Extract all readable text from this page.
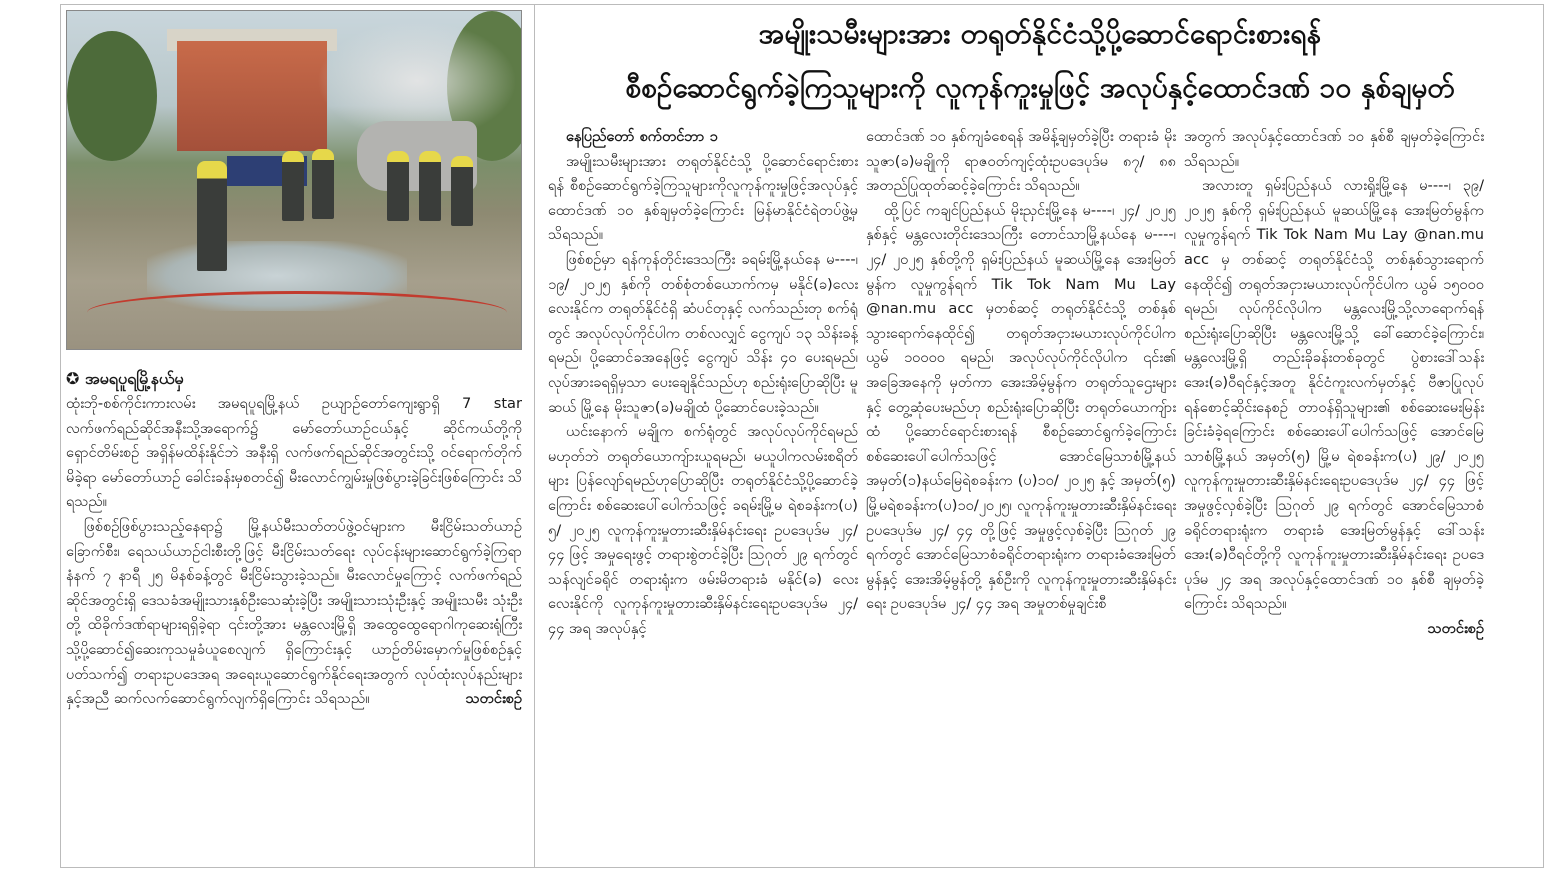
✪ အမရပူရမြို့နယ်မှ

ထုံးဘို-စစ်ကိုင်းကားလမ်း အမရပူရမြို့နယ် ဥယျာဉ်တော်ကျေးရွာရှိ 7 star လက်ဖက်ရည်ဆိုင်အနီးသို့အရောက်၌ မော်တော်ယာဉ်ငယ်နှင့် ဆိုင်ကယ်တို့ကို ရှောင်တိမ်းစဉ် အရှိန်မထိန်းနိုင်ဘဲ အနီးရှိ လက်ဖက်ရည်ဆိုင်အတွင်းသို့ ဝင်ရောက်တိုက်မိခဲ့ရာ မော်တော်ယာဉ် ခေါင်းခန်းမှစတင်၍ မီးလောင်ကျွမ်းမှုဖြစ်ပွားခဲ့ခြင်းဖြစ်ကြောင်း သိရသည်။

ဖြစ်စဉ်ဖြစ်ပွားသည့်နေရာ၌ မြို့နယ်မီးသတ်တပ်ဖွဲ့ဝင်များက မီးငြိမ်းသတ်ယာဉ် ခြောက်စီး၊ ရေသယ်ယာဉ်ငါးစီးတို့ဖြင့် မီးငြိမ်းသတ်ရေး လုပ်ငန်းများဆောင်ရွက်ခဲ့ကြရာ နံနက် ၇ နာရီ ၂၅ မိနစ်ခန့်တွင် မီးငြိမ်းသွားခဲ့သည်။ မီးလောင်မှုကြောင့် လက်ဖက်ရည်ဆိုင်အတွင်းရှိ ဒေသခံအမျိုးသားနှစ်ဦးသေဆုံးခဲ့ပြီး အမျိုးသားသုံးဦးနှင့် အမျိုးသမီး သုံးဦးတို့ ထိခိုက်ဒဏ်ရာများရရှိခဲ့ရာ ၎င်းတို့အား မန္တလေးမြို့ရှိ အထွေထွေရောဂါကုဆေးရုံကြီးသို့ပို့ဆောင်၍ဆေးကုသမှုခံယူစေလျက် ရှိကြောင်းနှင့် ယာဉ်တိမ်းမှောက်မှုဖြစ်စဉ်နှင့်ပတ်သက်၍ တရားဥပဒေအရ အရေးယူဆောင်ရွက်နိုင်ရေးအတွက် လုပ်ထုံးလုပ်နည်းများနှင့်အညီ ဆက်လက်ဆောင်ရွက်လျက်ရှိကြောင်း သိရသည်။	သတင်းစဉ်

အမျိုးသမီးများအား တရုတ်နိုင်ငံသို့ပို့ဆောင်ရောင်းစားရန်
စီစဉ်ဆောင်ရွက်ခဲ့ကြသူများကို လူကုန်ကူးမှုဖြင့် အလုပ်နှင့်ထောင်ဒဏ် ၁၀ နှစ်ချမှတ်

နေပြည်တော် စက်တင်ဘာ ၁

အမျိုးသမီးများအား တရုတ်နိုင်ငံသို့ ပို့ဆောင်ရောင်းစားရန် စီစဉ်ဆောင်ရွက်ခဲ့ကြသူများကိုလူကုန်ကူးမှုဖြင့်အလုပ်နှင့်ထောင်ဒဏ် ၁၀ နှစ်ချမှတ်ခဲ့ကြောင်း မြန်မာနိုင်ငံရဲတပ်ဖွဲ့မှ သိရသည်။

ဖြစ်စဉ်မှာ ရန်ကုန်တိုင်းဒေသကြီး ခရမ်းမြို့နယ်နေ မ----၊ ၁၉/ ၂၀၂၅ နှစ်ကို တစ်စုံတစ်ယောက်ကမှ မနိုင်(ခ)လေးလေးနိုင်က တရုတ်နိုင်ငံရှိ ဆံပင်တုနှင့် လက်သည်းတု စက်ရုံတွင် အလုပ်လုပ်ကိုင်ပါက တစ်လလျှင် ငွေကျပ် ၁၃ သိန်းခန့်ရမည်၊ ပို့ဆောင်ခအနေဖြင့် ငွေကျပ် သိန်း ၄၀ ပေးရမည်၊ လုပ်အားခရရှိမှသာ ပေးချေနိုင်သည်ဟု စည်းရုံးပြောဆိုပြီး မူဆယ် မြို့နေ မိုးသူဇာ(ခ)မချိုထံ ပို့ဆောင်ပေးခဲ့သည်။

ယင်းနောက် မချိုက စက်ရုံတွင် အလုပ်လုပ်ကိုင်ရမည်မဟုတ်ဘဲ တရုတ်ယောကျ်ားယူရမည်၊ မယူပါကလမ်းစရိတ်များ ပြန်လျော်ရမည်ဟုပြောဆိုပြီး တရုတ်နိုင်ငံသို့ပို့ဆောင်ခဲ့ကြောင်း စစ်ဆေးပေါ်ပေါက်သဖြင့် ခရမ်းမြို့မ ရဲစခန်းက(ပ) ၅/ ၂၀၂၅ လူကုန်ကူးမှုတားဆီးနှိမ်နင်းရေး ဥပဒေပုဒ်မ ၂၄/ ၄၄ ဖြင့် အမှုရေးဖွင့် တရားစွဲတင်ခဲ့ပြီး ဩဂုတ် ၂၉ ရက်တွင် သန်လျင်ခရိုင် တရားရုံးက ဖမ်းမိတရားခံ မနိုင်(ခ) လေးလေးနိုင်ကို လူကုန်ကူးမှုတားဆီးနှိမ်နင်းရေးဥပဒေပုဒ်မ ၂၄/ ၄၄ အရ အလုပ်နှင့်

ထောင်ဒဏ် ၁၀ နှစ်ကျခံစေရန် အမိန့်ချမှတ်ခဲ့ပြီး တရားခံ မိုးသူဇာ(ခ)မချိုကို ရာဇဝတ်ကျင့်ထုံးဥပဒေပုဒ်မ ၈၇/ ၈၈ အတည်ပြုထုတ်ဆင့်ခဲ့ကြောင်း သိရသည်။

ထို့ပြင် ကချင်ပြည်နယ် မိုးညှင်းမြို့နေ မ----၊ ၂၄/ ၂၀၂၅ နှစ်နှင့် မန္တလေးတိုင်းဒေသကြီး တောင်သာမြို့နယ်နေ မ----၊ ၂၄/ ၂၀၂၅ နှစ်တို့ကို ရှမ်းပြည်နယ် မူဆယ်မြို့နေ အေးမြတ်မွန်က လူမှုကွန်ရက် Tik Tok Nam Mu Lay @nan.mu acc မှတစ်ဆင့် တရုတ်နိုင်ငံသို့ တစ်နှစ်သွားရောက်နေထိုင်၍ တရုတ်အငှားမယားလုပ်ကိုင်ပါက ယွမ် ၁၀၀၀၀ ရမည်၊ အလုပ်လုပ်ကိုင်လိုပါက ၎င်း၏ အခြေအနေကို မှတ်ကာ အေးအိမ့်မွန်က တရုတ်သူဌေးများနှင့် တွေ့ဆုံပေးမည်ဟု စည်းရုံးပြောဆိုပြီး တရုတ်ယောကျ်ားထံ ပို့ဆောင်ရောင်းစားရန် စီစဉ်ဆောင်ရွက်ခဲ့ကြောင်း စစ်ဆေးပေါ်ပေါက်သဖြင့် အောင်မြေသာစံမြို့နယ် အမှတ်(၁)နယ်မြေရဲစခန်းက (ပ)၁၀/ ၂၀၂၅ နှင့် အမှတ်(၅) မြို့မရဲစခန်းက(ပ)၁၀/၂၀၂၅၊ လူကုန်ကူးမှုတားဆီးနှိမ်နင်းရေး ဥပဒေပုဒ်မ ၂၄/ ၄၄ တို့ဖြင့် အမှုဖွင့်လှစ်ခဲ့ပြီး ဩဂုတ် ၂၉ ရက်တွင် အောင်မြေသာစံခရိုင်တရားရုံးက တရားခံအေးမြတ်မွန်နှင့် အေးအိမ့်မွန်တို့ နှစ်ဦးကို လူကုန်ကူးမှုတားဆီးနှိမ်နင်းရေး ဥပဒေပုဒ်မ ၂၄/ ၄၄ အရ အမှုတစ်မှုချင်းစီ

အတွက် အလုပ်နှင့်ထောင်ဒဏ် ၁၀ နှစ်စီ ချမှတ်ခဲ့ကြောင်း သိရသည်။

အလားတူ ရှမ်းပြည်နယ် လားရှိုးမြို့နေ မ----၊ ၃၉/ ၂၀၂၅ နှစ်ကို ရှမ်းပြည်နယ် မူဆယ်မြို့နေ အေးမြတ်မွန်က လူမှုကွန်ရက် Tik Tok Nam Mu Lay @nan.mu acc မှ တစ်ဆင့် တရုတ်နိုင်ငံသို့ တစ်နှစ်သွားရောက်နေထိုင်၍ တရုတ်အငှားမယားလုပ်ကိုင်ပါက ယွမ် ၁၅၀၀၀ ရမည်၊ လုပ်ကိုင်လိုပါက မန္တလေးမြို့သို့လာရောက်ရန် စည်းရုံးပြောဆိုပြီး မန္တလေးမြို့သို့ ခေါ်ဆောင်ခဲ့ကြောင်း၊ မန္တလေးမြို့ရှိ တည်းခိုခန်းတစ်ခုတွင် ပွဲစားဒေါ်သန်းအေး(ခ)ဝီရင်နှင့်အတူ နိုင်ငံကူးလက်မှတ်နှင့် ဗီဇာပြုလုပ်ရန်စောင့်ဆိုင်းနေစဉ် တာဝန်ရှိသူများ၏ စစ်ဆေးမေးမြန်းခြင်းခံခဲ့ရကြောင်း စစ်ဆေးပေါ်ပေါက်သဖြင့် အောင်မြေသာစံမြို့နယ် အမှတ်(၅) မြို့မ ရဲစခန်းက(ပ) ၂၉/ ၂၀၂၅ လူကုန်ကူးမှုတားဆီးနှိမ်နင်းရေးဥပဒေပုဒ်မ ၂၄/ ၄၄ ဖြင့် အမှုဖွင့်လှစ်ခဲ့ပြီး ဩဂုတ် ၂၉ ရက်တွင် အောင်မြေသာစံခရိုင်တရားရုံးက တရားခံ အေးမြတ်မွန်နှင့် ဒေါ်သန်းအေး(ခ)ဝီရင်တို့ကို လူကုန်ကူးမှုတားဆီးနှိမ်နင်းရေး ဥပဒေပုဒ်မ ၂၄ အရ အလုပ်နှင့်ထောင်ဒဏ် ၁၀ နှစ်စီ ချမှတ်ခဲ့ကြောင်း သိရသည်။

သတင်းစဉ်
